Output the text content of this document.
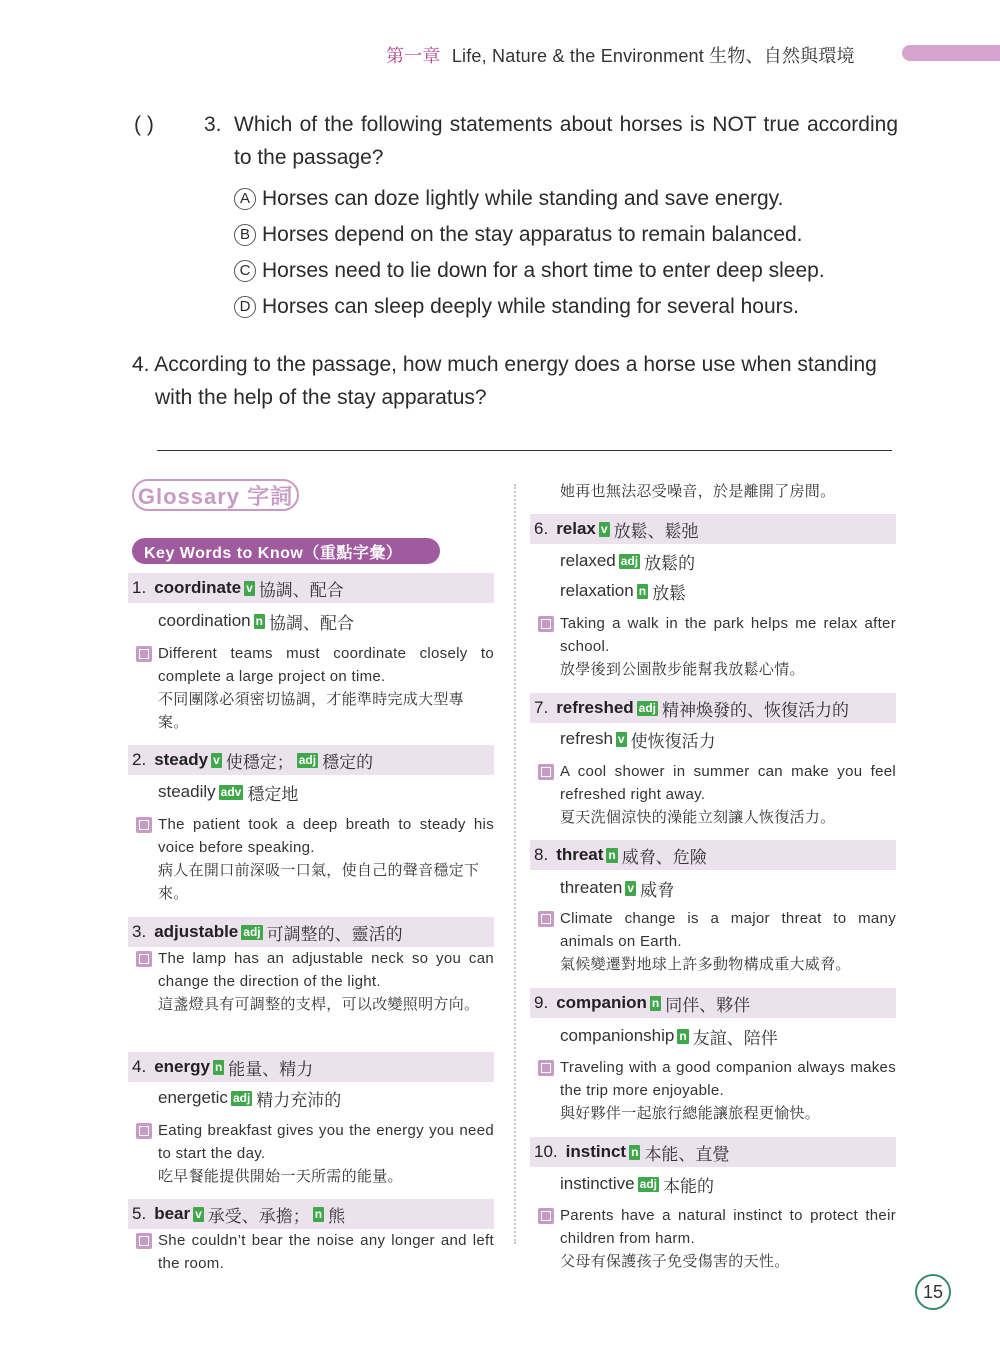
第一章 Life, Nature & the Environment 生物、自然與環境
( ) 3. Which of the following statements about horses is NOT true according to the passage?
A Horses can doze lightly while standing and save energy.
B Horses depend on the stay apparatus to remain balanced.
C Horses need to lie down for a short time to enter deep sleep.
D Horses can sleep deeply while standing for several hours.
4. According to the passage, how much energy does a horse use when standing
with the help of the stay apparatus?
Glossary 字詞
Key Words to Know（重點字彙）
1. coordinate v 協調、配合
coordination n 協調、配合
Different teams must coordinate closely to complete a large project on time.
不同團隊必須密切協調，才能準時完成大型專案。
2. steady v 使穩定； adj 穩定的
steadily adv 穩定地
The patient took a deep breath to steady his voice before speaking.
病人在開口前深吸一口氣，使自己的聲音穩定下來。
3. adjustable adj 可調整的、靈活的
The lamp has an adjustable neck so you can change the direction of the light.
這盞燈具有可調整的支桿，可以改變照明方向。
4. energy n 能量、精力
energetic adj 精力充沛的
Eating breakfast gives you the energy you need to start the day.
吃早餐能提供開始一天所需的能量。
5. bear v 承受、承擔； n 熊
She couldn’t bear the noise any longer and left the room.
她再也無法忍受噪音，於是離開了房間。
6. relax v 放鬆、鬆弛
relaxed adj 放鬆的
relaxation n 放鬆
Taking a walk in the park helps me relax after school.
放學後到公園散步能幫我放鬆心情。
7. refreshed adj 精神煥發的、恢復活力的
refresh v 使恢復活力
A cool shower in summer can make you feel refreshed right away.
夏天洗個涼快的澡能立刻讓人恢復活力。
8. threat n 威脅、危險
threaten v 威脅
Climate change is a major threat to many animals on Earth.
氣候變遷對地球上許多動物構成重大威脅。
9. companion n 同伴、夥伴
companionship n 友誼、陪伴
Traveling with a good companion always makes the trip more enjoyable.
與好夥伴一起旅行總能讓旅程更愉快。
10. instinct n 本能、直覺
instinctive adj 本能的
Parents have a natural instinct to protect their children from harm.
父母有保護孩子免受傷害的天性。
15
